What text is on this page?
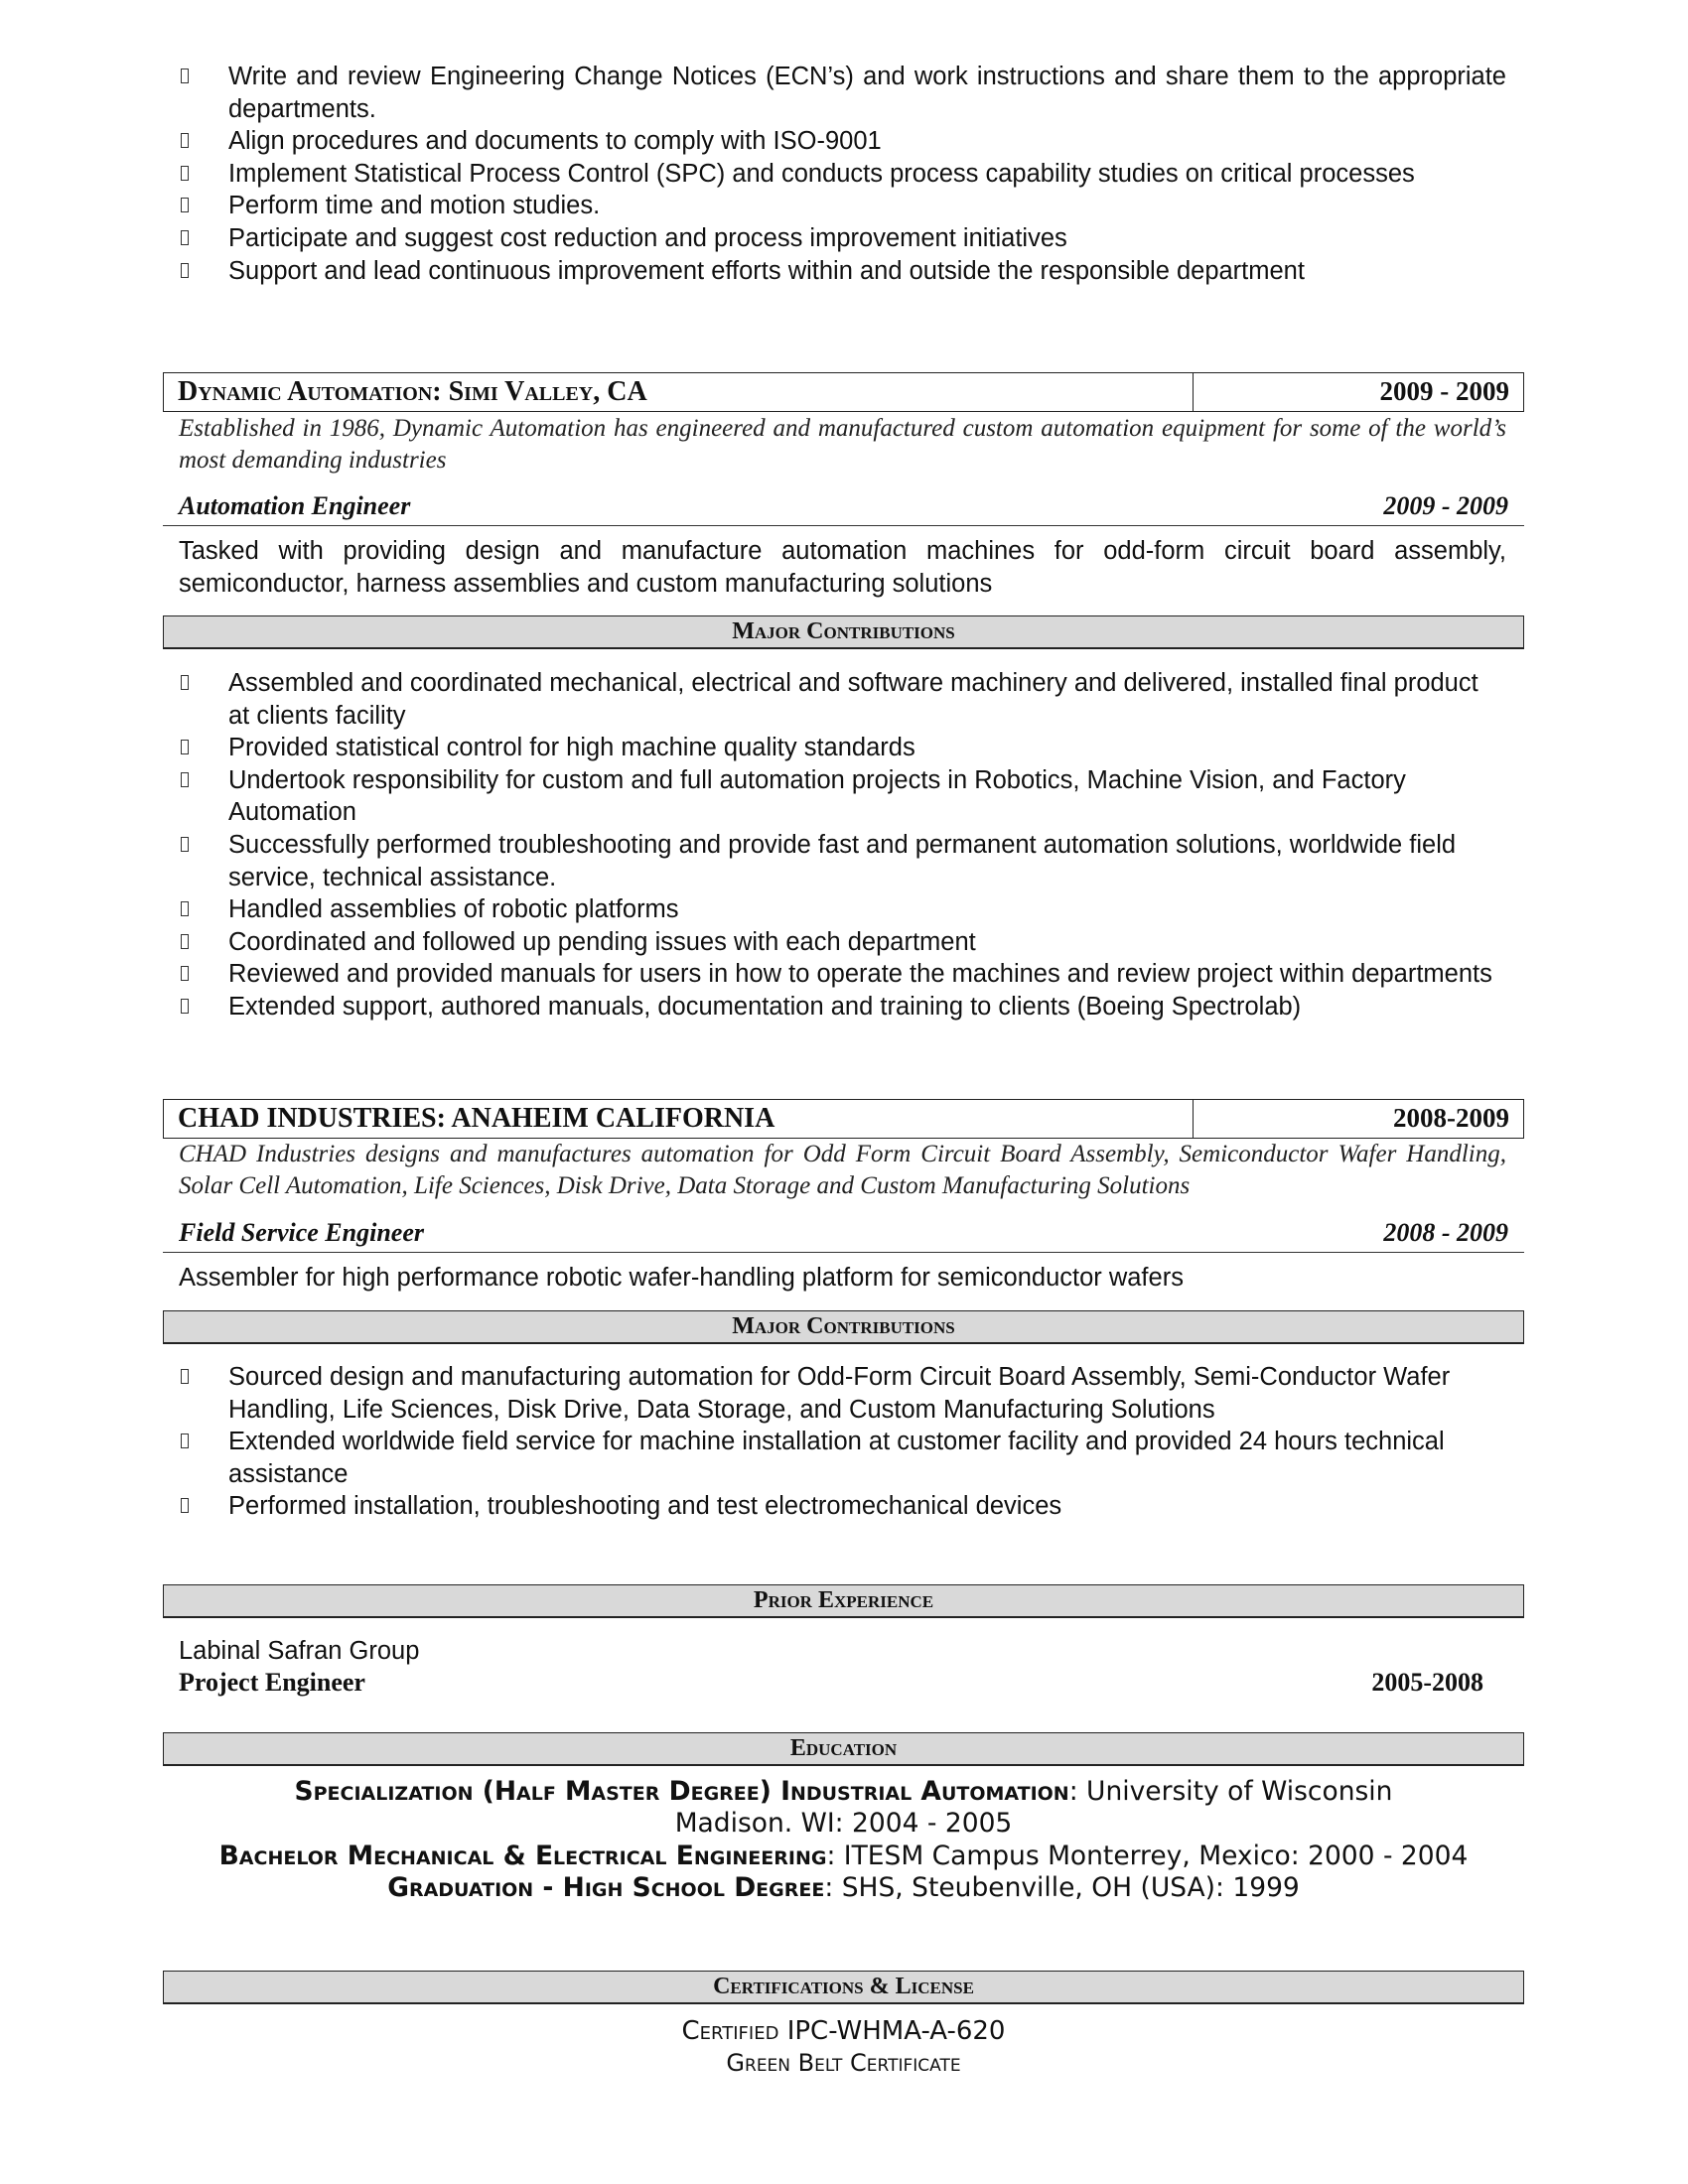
Write and review Engineering Change Notices (ECN’s) and work instructions and share them to the appropriate departments.
Align procedures and documents to comply with ISO-9001
Implement Statistical Process Control (SPC) and conducts process capability studies on critical processes
Perform time and motion studies.
Participate and suggest cost reduction and process improvement initiatives
Support and lead continuous improvement efforts within and outside the responsible department
Dynamic Automation: Simi Valley, CA	2009 - 2009
Established in 1986, Dynamic Automation has engineered and manufactured custom automation equipment for some of the world’s most demanding industries
Automation Engineer	2009 - 2009
Tasked with providing design and manufacture automation machines for odd-form circuit board assembly, semiconductor, harness assemblies and custom manufacturing solutions
Major Contributions
Assembled and coordinated mechanical, electrical and software machinery and delivered, installed final product at clients facility
Provided statistical control for high machine quality standards
Undertook responsibility for custom and full automation projects in Robotics, Machine Vision, and Factory Automation
Successfully performed troubleshooting and provide fast and permanent automation solutions, worldwide field service, technical assistance.
Handled assemblies of robotic platforms
Coordinated and followed up pending issues with each department
Reviewed and provided manuals for users in how to operate the machines and review project within departments
Extended support, authored manuals, documentation and training to clients (Boeing Spectrolab)
CHAD INDUSTRIES: ANAHEIM CALIFORNIA	2008-2009
CHAD Industries designs and manufactures automation for Odd Form Circuit Board Assembly, Semiconductor Wafer Handling, Solar Cell Automation, Life Sciences, Disk Drive, Data Storage and Custom Manufacturing Solutions
Field Service Engineer	2008 - 2009
Assembler for high performance robotic wafer-handling platform for semiconductor wafers
Major Contributions
Sourced design and manufacturing automation for Odd-Form Circuit Board Assembly, Semi-Conductor Wafer Handling, Life Sciences, Disk Drive, Data Storage, and Custom Manufacturing Solutions
Extended worldwide field service for machine installation at customer facility and provided 24 hours technical assistance
Performed installation, troubleshooting and test electromechanical devices
Prior Experience
Labinal Safran Group
Project Engineer	2005-2008
Education
Specialization (Half Master Degree) Industrial Automation: University of Wisconsin Madison. WI: 2004 - 2005
Bachelor Mechanical & Electrical Engineering: ITESM Campus Monterrey, Mexico: 2000 - 2004
Graduation - High School Degree: SHS, Steubenville, OH (USA): 1999
Certifications & License
Certified IPC-WHMA-A-620
Green Belt Certificate
